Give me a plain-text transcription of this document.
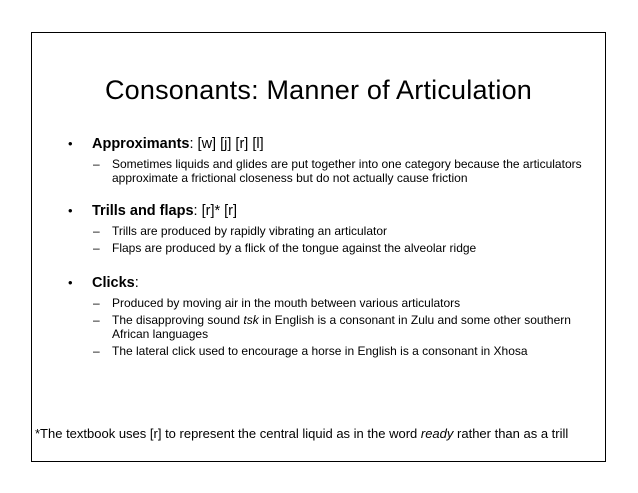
Consonants: Manner of Articulation
•	Approximants: [w] [j] [r] [l]
–	Sometimes liquids and glides are put together into one category because the articulators approximate a frictional closeness but do not actually cause friction
•	Trills and flaps: [r]* [r]
–	Trills are produced by rapidly vibrating an articulator
–	Flaps are produced by a flick of the tongue against the alveolar ridge
•	Clicks:
–	Produced by moving air in the mouth between various articulators
–	The disapproving sound tsk in English is a consonant in Zulu and some other southern African languages
–	The lateral click used to encourage a horse in English is a consonant in Xhosa
*The textbook uses [r] to represent the central liquid as in the word ready rather than as a trill
